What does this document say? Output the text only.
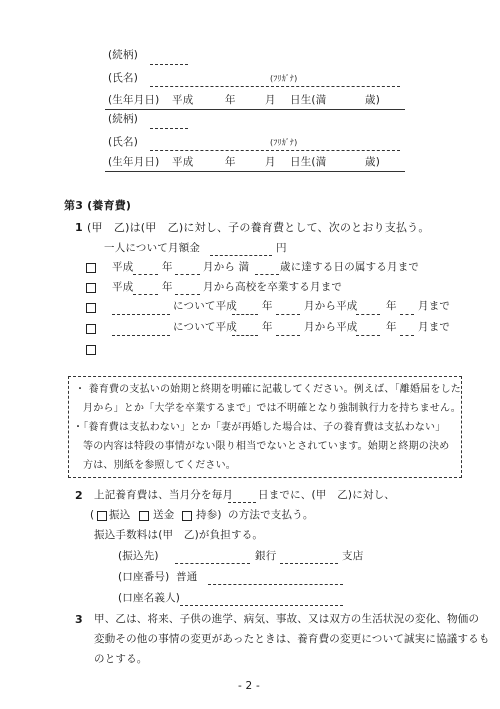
(続柄)
(氏名)	(ﾌﾘｶﾞﾅ)
(生年月日) 平成	年	月 日生(満	歳)
(続柄)
(氏名)	(ﾌﾘｶﾞﾅ)
(生年月日) 平成	年	月 日生(満	歳)
第3 (養育費)
1 (甲　乙)は(甲　乙)に対し、子の養育費として、次のとおり支払う。
一人について月額金	円
平成	年	月から 満	歳に達する日の属する月まで
平成	年	月から高校を卒業する月まで
について平成 年	月から平成	年 月まで
について平成 年	月から平成	年 月まで
・ 養育費の支払いの始期と終期を明確に記載してください。例えば、「離婚届をした
月から」とか「大学を卒業するまで」では不明確となり強制執行力を持ちません。
・「養育費は支払わない」とか「妻が再婚した場合は、子の養育費は支払わない」
等の内容は特段の事情がない限り相当でないとされています。始期と終期の決め
方は、別紙を参照してください。
2 上記養育費は、当月分を毎月 日までに、(甲　乙)に対し、
( 振込 送金 持参) の方法で支払う。
振込手数料は(甲　乙)が負担する。
(振込先)	銀行	支店
(口座番号) 普通
(口座名義人)
3 甲、乙は、将来、子供の進学、病気、事故、又は双方の生活状況の変化、物価の
変動その他の事情の変更があったときは、養育費の変更について誠実に協議するも
のとする。
- 2 -
